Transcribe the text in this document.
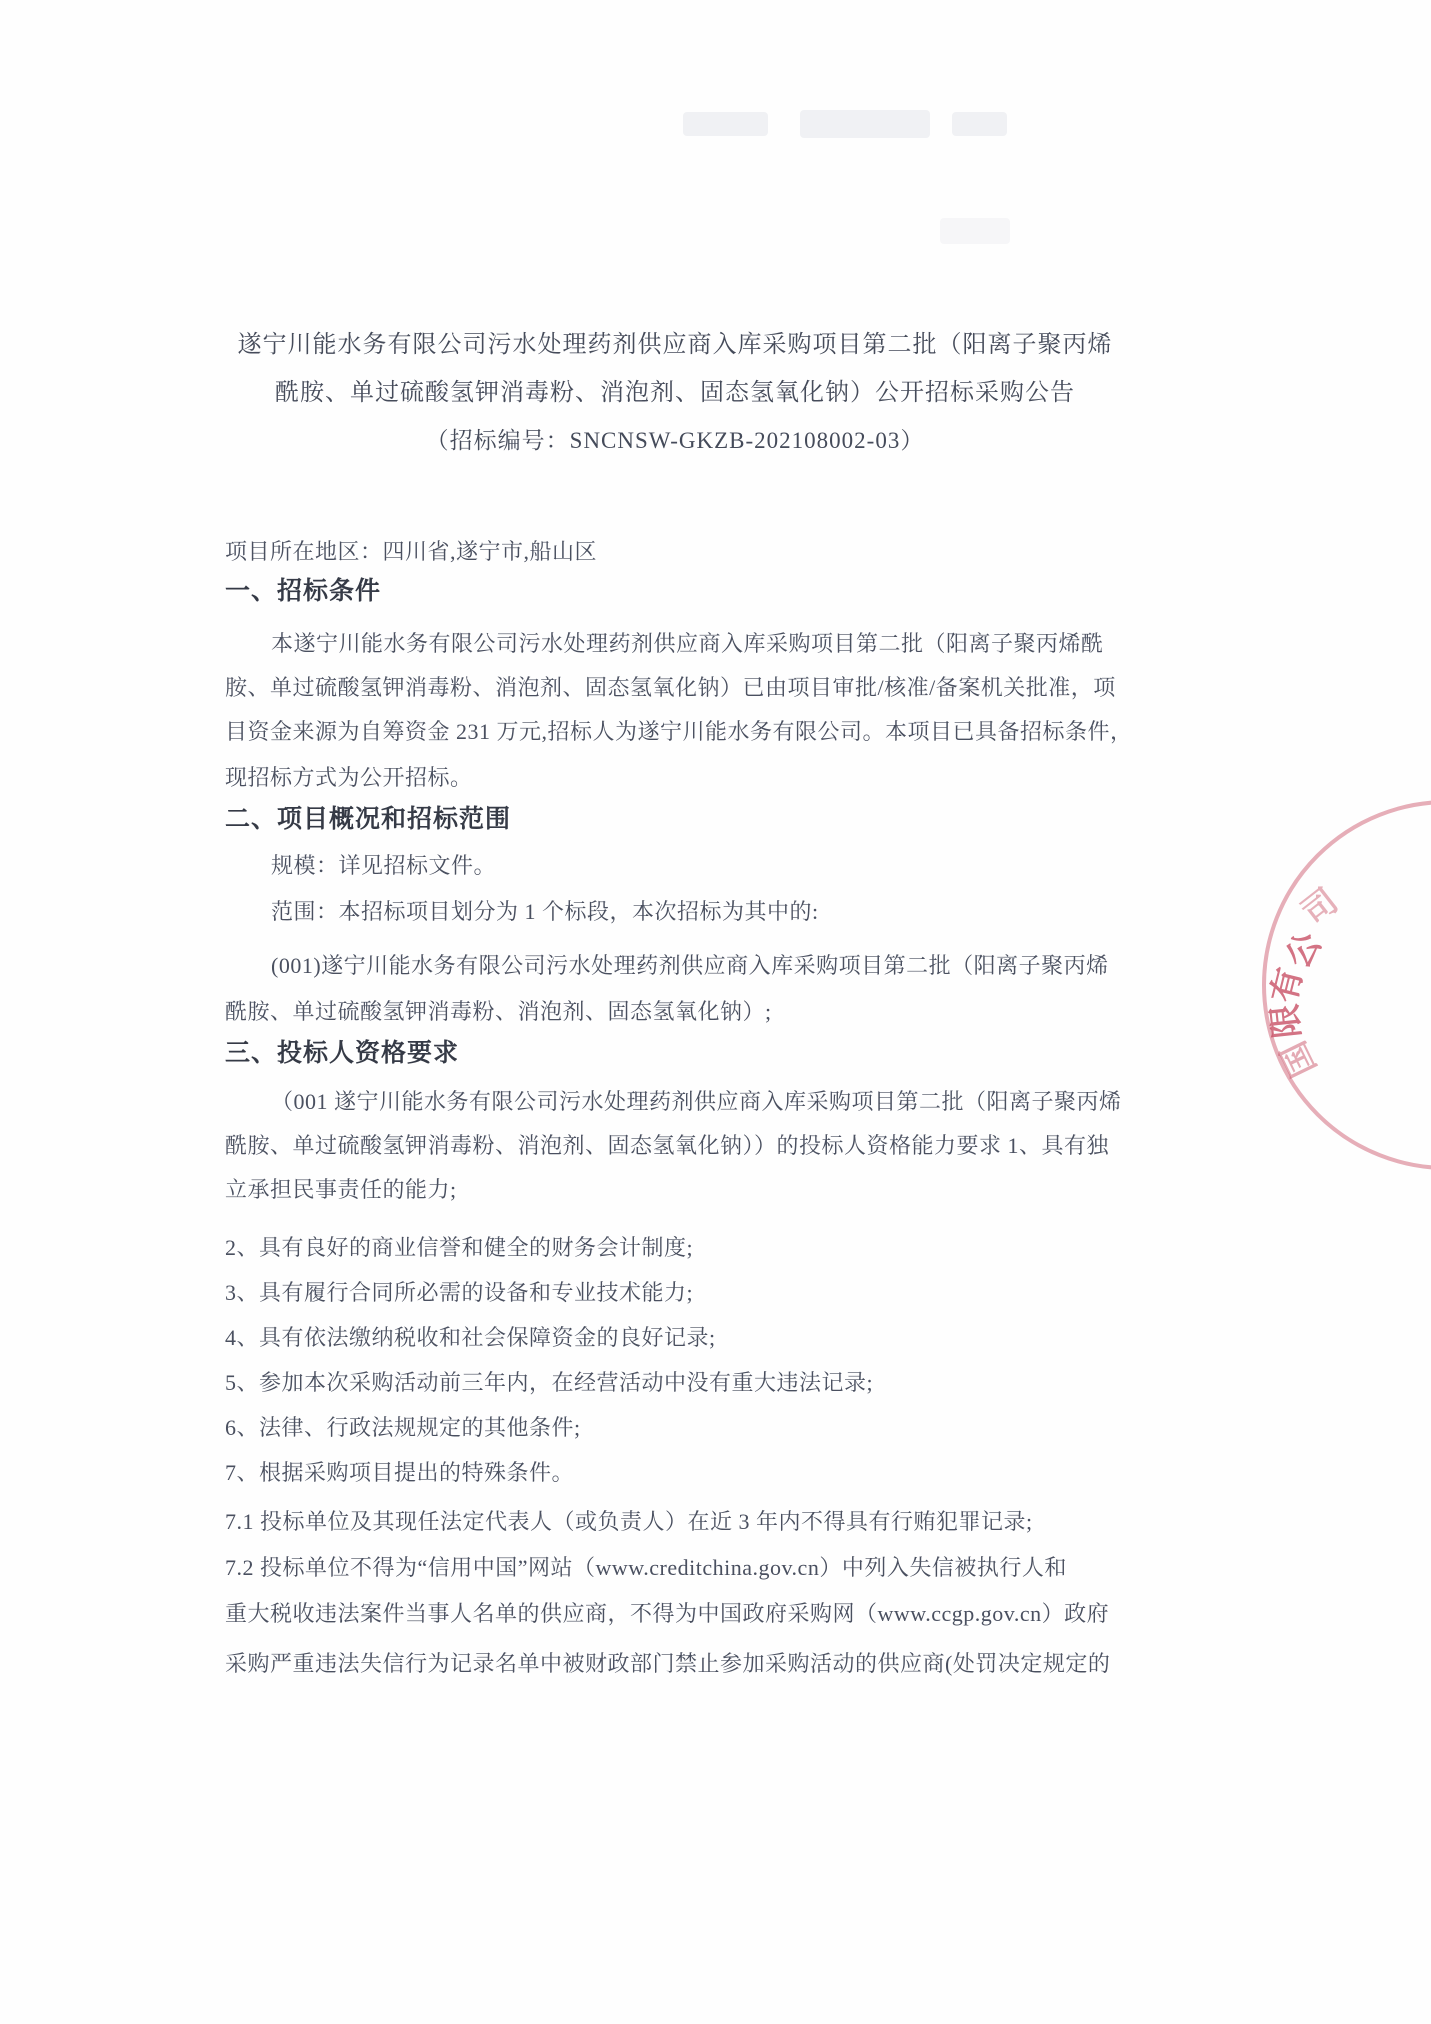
遂宁川能水务有限公司污水处理药剂供应商入库采购项目第二批（阳离子聚丙烯
酰胺、单过硫酸氢钾消毒粉、消泡剂、固态氢氧化钠）公开招标采购公告
（招标编号：SNCNSW-GKZB-202108002-03）
项目所在地区：四川省,遂宁市,船山区
一、招标条件
本遂宁川能水务有限公司污水处理药剂供应商入库采购项目第二批（阳离子聚丙烯酰
胺、单过硫酸氢钾消毒粉、消泡剂、固态氢氧化钠）已由项目审批/核准/备案机关批准，项
目资金来源为自筹资金 231 万元,招标人为遂宁川能水务有限公司。本项目已具备招标条件，
现招标方式为公开招标。
二、项目概况和招标范围
规模：详见招标文件。
范围：本招标项目划分为 1 个标段，本次招标为其中的:
(001)遂宁川能水务有限公司污水处理药剂供应商入库采购项目第二批（阳离子聚丙烯
酰胺、单过硫酸氢钾消毒粉、消泡剂、固态氢氧化钠）;
三、投标人资格要求
（001 遂宁川能水务有限公司污水处理药剂供应商入库采购项目第二批（阳离子聚丙烯
酰胺、单过硫酸氢钾消毒粉、消泡剂、固态氢氧化钠））的投标人资格能力要求 1、具有独
立承担民事责任的能力;
2、具有良好的商业信誉和健全的财务会计制度;
3、具有履行合同所必需的设备和专业技术能力;
4、具有依法缴纳税收和社会保障资金的良好记录;
5、参加本次采购活动前三年内，在经营活动中没有重大违法记录;
6、法律、行政法规规定的其他条件;
7、根据采购项目提出的特殊条件。
7.1 投标单位及其现任法定代表人（或负责人）在近 3 年内不得具有行贿犯罪记录;
7.2 投标单位不得为“信用中国”网站（www.creditchina.gov.cn）中列入失信被执行人和
重大税收违法案件当事人名单的供应商，不得为中国政府采购网（www.ccgp.gov.cn）政府
采购严重违法失信行为记录名单中被财政部门禁止参加采购活动的供应商(处罚决定规定的
司
公
有
限
国
